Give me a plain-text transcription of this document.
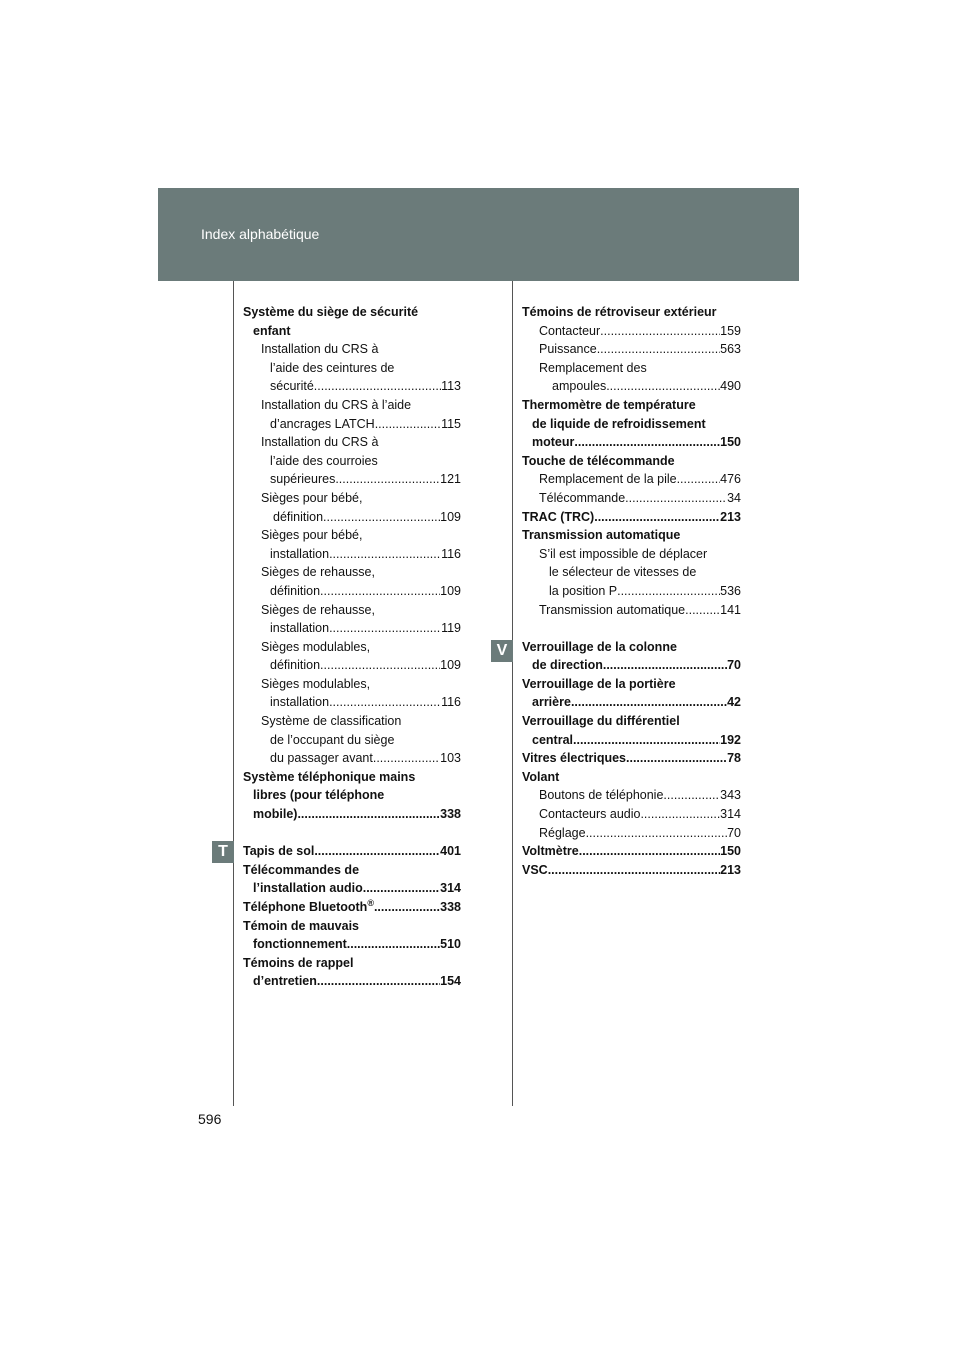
Index alphabétique
T
V
Système du siège de sécurité
enfant
Installation du CRS à
l’aide des ceintures de
sécurité .....	113
Installation du CRS à l’aide
d’ancrages LATCH .....	115
Installation du CRS à
l’aide des courroies
supérieures .....	121
Sièges pour bébé,
définition .....	109
Sièges pour bébé,
installation .....	116
Sièges de rehausse,
définition .....	109
Sièges de rehausse,
installation .....	119
Sièges modulables,
définition .....	109
Sièges modulables,
installation .....	116
Système de classification
de l’occupant du siège
du passager avant .....	103
Système téléphonique mains
libres (pour téléphone
mobile) .....	338
Tapis de sol .....	401
Télécommandes de
l’installation audio .....	314
Téléphone Bluetooth® .....	338
Témoin de mauvais
fonctionnement. .....	510
Témoins de rappel
d’entretien .....	154
Témoins de rétroviseur extérieur
Contacteur .....	159
Puissance .....	563
Remplacement des
ampoules .....	490
Thermomètre de température
de liquide de refroidissement
moteur .....	150
Touche de télécommande
Remplacement de la pile .....	476
Télécommande .....	34
TRAC (TRC) .....	213
Transmission automatique
S’il est impossible de déplacer
le sélecteur de vitesses de
la position P .....	536
Transmission automatique .....	141
Verrouillage de la colonne
de direction .....	70
Verrouillage de la portière
arrière .....	42
Verrouillage du différentiel
central. .....	192
Vitres électriques .....	78
Volant
Boutons de téléphonie .....	343
Contacteurs audio .....	314
Réglage. .....	70
Voltmètre .....	150
VSC .....	213
596
